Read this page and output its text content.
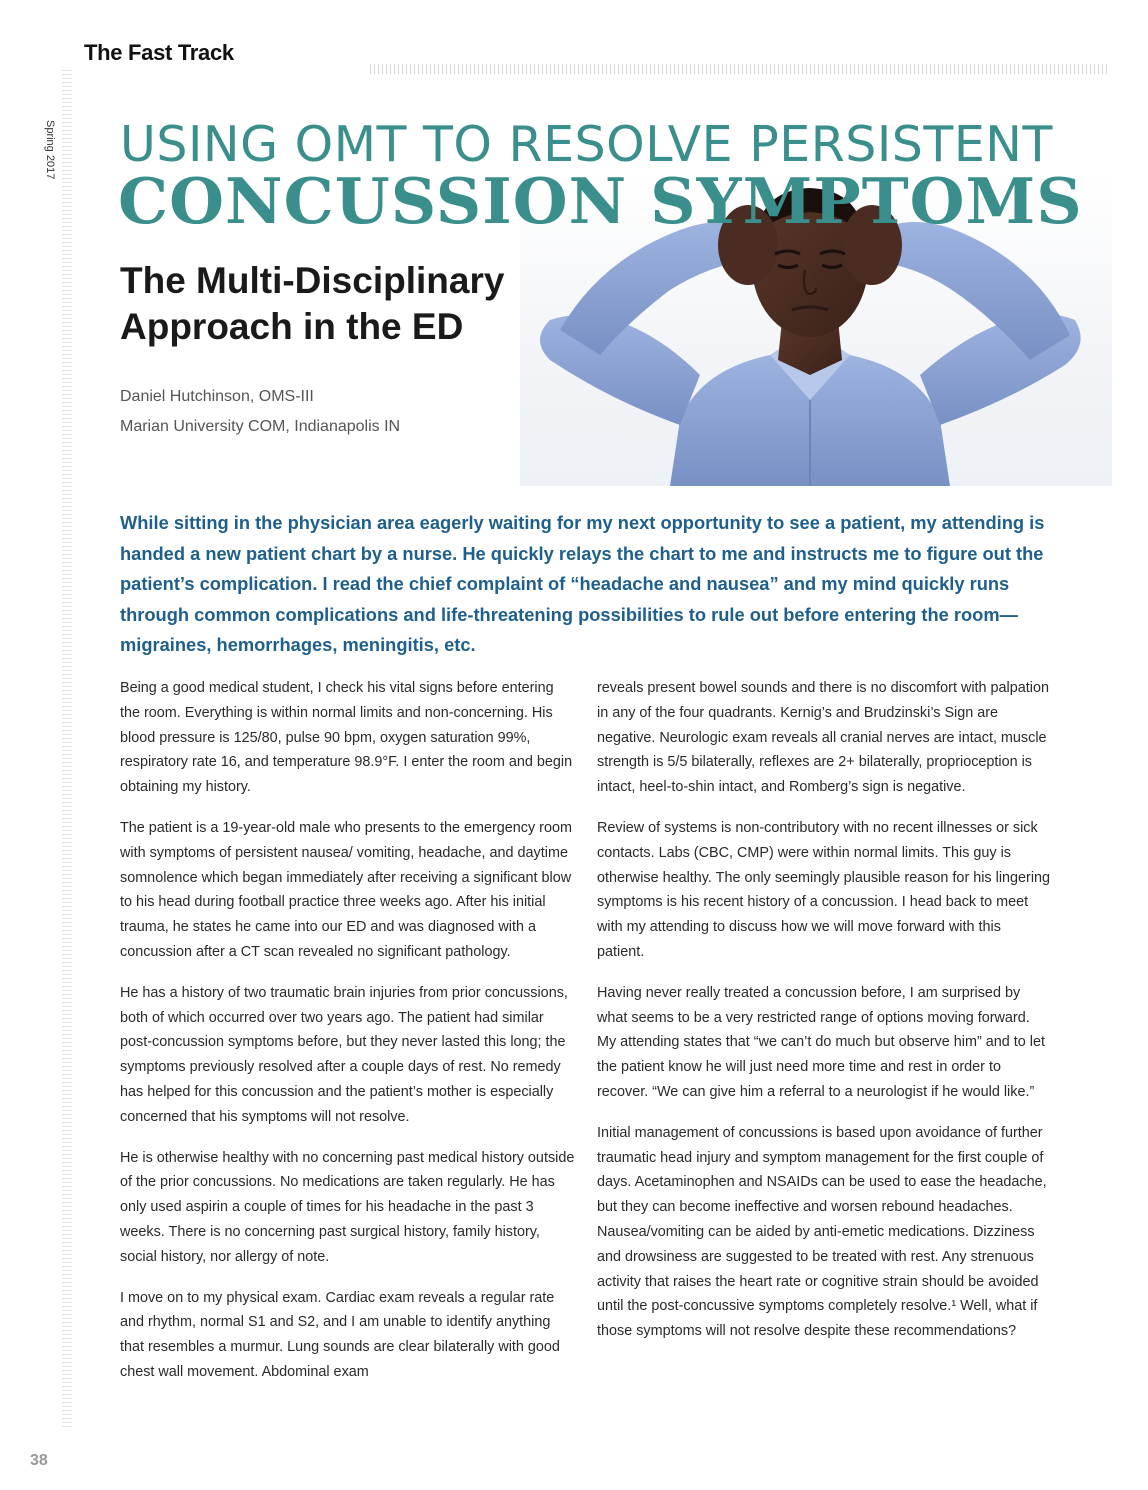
The Fast Track
Spring 2017 USING OMT TO RESOLVE PERSISTENT
CONCUSSION SYMPTOMS
The Multi-Disciplinary Approach in the ED
Daniel Hutchinson, OMS-III
Marian University COM, Indianapolis IN
While sitting in the physician area eagerly waiting for my next opportunity to see a patient, my attending is handed a new patient chart by a nurse. He quickly relays the chart to me and instructs me to figure out the patient’s complication. I read the chief complaint of “headache and nausea” and my mind quickly runs through common complications and life-threatening possibilities to rule out before entering the room—migraines, hemorrhages, meningitis, etc.

Being a good medical student, I check his vital signs before entering the room. Everything is within normal limits and non-concerning. His blood pressure is 125/80, pulse 90 bpm, oxygen saturation 99%, respiratory rate 16, and temperature 98.9°F. I enter the room and begin obtaining my history.

The patient is a 19-year-old male who presents to the emergency room with symptoms of persistent nausea/ vomiting, headache, and daytime somnolence which began immediately after receiving a significant blow to his head during football practice three weeks ago. After his initial trauma, he states he came into our ED and was diagnosed with a concussion after a CT scan revealed no significant pathology.

He has a history of two traumatic brain injuries from prior concussions, both of which occurred over two years ago. The patient had similar post-concussion symptoms before, but they never lasted this long; the symptoms previously resolved after a couple days of rest. No remedy has helped for this concussion and the patient’s mother is especially concerned that his symptoms will not resolve.

He is otherwise healthy with no concerning past medical history outside of the prior concussions. No medications are taken regularly. He has only used aspirin a couple of times for his headache in the past 3 weeks. There is no concerning past surgical history, family history, social history, nor allergy of note.

I move on to my physical exam. Cardiac exam reveals a regular rate and rhythm, normal S1 and S2, and I am unable to identify anything that resembles a murmur. Lung sounds are clear bilaterally with good chest wall movement. Abdominal exam

reveals present bowel sounds and there is no discomfort with palpation in any of the four quadrants. Kernig’s and Brudzinski’s Sign are negative. Neurologic exam reveals all cranial nerves are intact, muscle strength is 5/5 bilaterally, reflexes are 2+ bilaterally, proprioception is intact, heel-to-shin intact, and Romberg’s sign is negative.

Review of systems is non-contributory with no recent illnesses or sick contacts. Labs (CBC, CMP) were within normal limits. This guy is otherwise healthy. The only seemingly plausible reason for his lingering symptoms is his recent history of a concussion. I head back to meet with my attending to discuss how we will move forward with this patient.

Having never really treated a concussion before, I am surprised by what seems to be a very restricted range of options moving forward. My attending states that “we can’t do much but observe him” and to let the patient know he will just need more time and rest in order to recover. “We can give him a referral to a neurologist if he would like.”

Initial management of concussions is based upon avoidance of further traumatic head injury and symptom management for the first couple of days. Acetaminophen and NSAIDs can be used to ease the headache, but they can become ineffective and worsen rebound headaches. Nausea/vomiting can be aided by anti-emetic medications. Dizziness and drowsiness are suggested to be treated with rest. Any strenuous activity that raises the heart rate or cognitive strain should be avoided until the post-concussive symptoms completely resolve.¹ Well, what if those symptoms will not resolve despite these recommendations?

38
